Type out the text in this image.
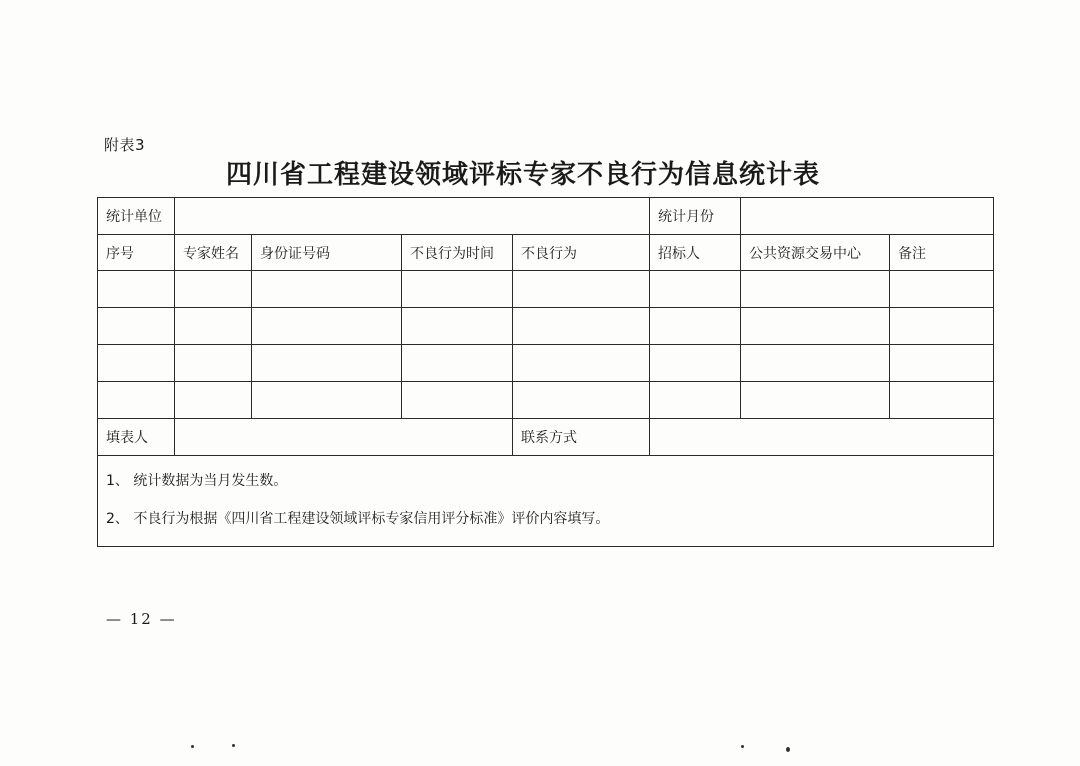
附表3
四川省工程建设领域评标专家不良行为信息统计表
统计单位					统计月份		
序号	专家姓名	身份证号码	不良行为时间	不良行为	招标人	公共资源交易中心	备注

填表人				联系方式			

1、 统计数据为当月发生数。
2、 不良行为根据《四川省工程建设领域评标专家信用评分标准》评价内容填写。							
— 12 —
